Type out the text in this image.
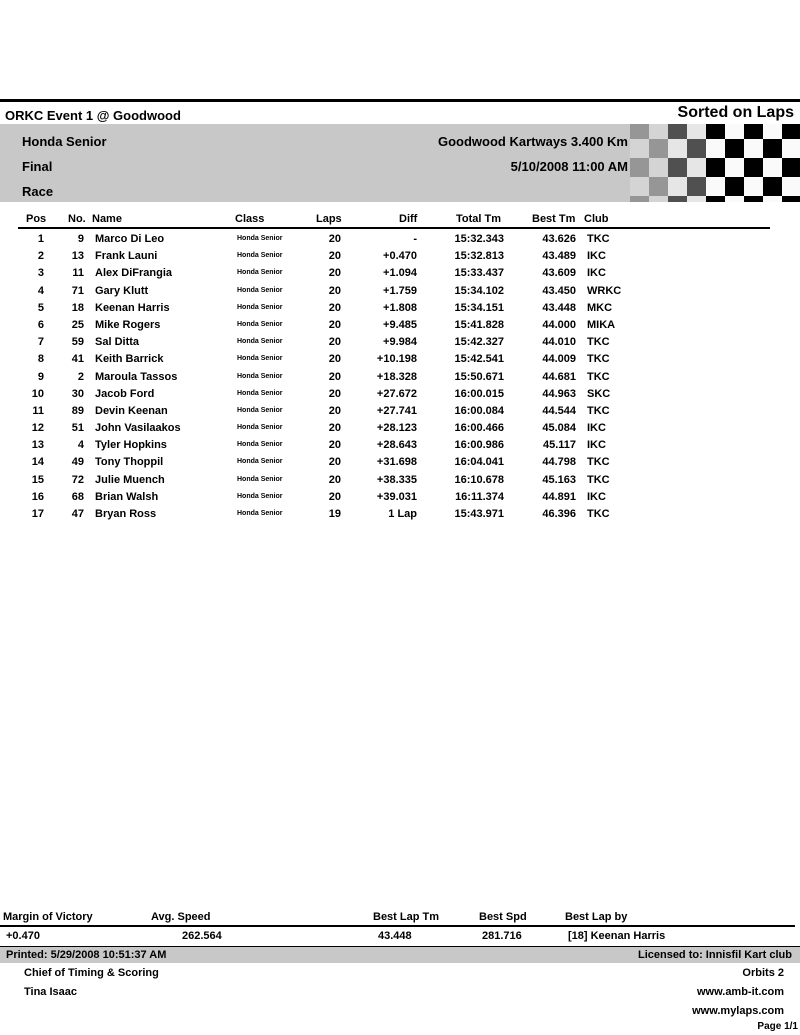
ORKC Event 1 @ Goodwood	Sorted on Laps
Honda Senior
Final
Race
Goodwood Kartways 3.400 Km
5/10/2008 11:00 AM
Pos No. Name	Class	Laps	Diff	Total Tm	Best Tm Club
1	9 Marco Di Leo	Honda Senior	20	-	15:32.343	43.626 TKC
2	13 Frank Launi	Honda Senior	20	+0.470	15:32.813	43.489 IKC
3	11 Alex DiFrangia	Honda Senior	20	+1.094	15:33.437	43.609 IKC
4	71 Gary Klutt	Honda Senior	20	+1.759	15:34.102	43.450 WRKC
5	18 Keenan Harris	Honda Senior	20	+1.808	15:34.151	43.448 MKC
6	25 Mike Rogers	Honda Senior	20	+9.485	15:41.828	44.000 MIKA
7	59 Sal Ditta	Honda Senior	20	+9.984	15:42.327	44.010 TKC
8	41 Keith Barrick	Honda Senior	20	+10.198	15:42.541	44.009 TKC
9	2 Maroula Tassos	Honda Senior	20	+18.328	15:50.671	44.681 TKC
10	30 Jacob Ford	Honda Senior	20	+27.672	16:00.015	44.963 SKC
11	89 Devin Keenan	Honda Senior	20	+27.741	16:00.084	44.544 TKC
12	51 John Vasilaakos	Honda Senior	20	+28.123	16:00.466	45.084 IKC
13	4 Tyler Hopkins	Honda Senior	20	+28.643	16:00.986	45.117 IKC
14	49 Tony Thoppil	Honda Senior	20	+31.698	16:04.041	44.798 TKC
15	72 Julie Muench	Honda Senior	20	+38.335	16:10.678	45.163 TKC
16	68 Brian Walsh	Honda Senior	20	+39.031	16:11.374	44.891 IKC
17	47 Bryan Ross	Honda Senior	19	1 Lap	15:43.971	46.396 TKC
Margin of Victory	Avg. Speed	Best Lap Tm	Best Spd	Best Lap by
+0.470	262.564	43.448	281.716	[18] Keenan Harris
Printed: 5/29/2008 10:51:37 AM	Licensed to: Innisfil Kart club
Chief of Timing & Scoring
Tina Isaac
Orbits 2
www.amb-it.com
www.mylaps.com
Page 1/1
